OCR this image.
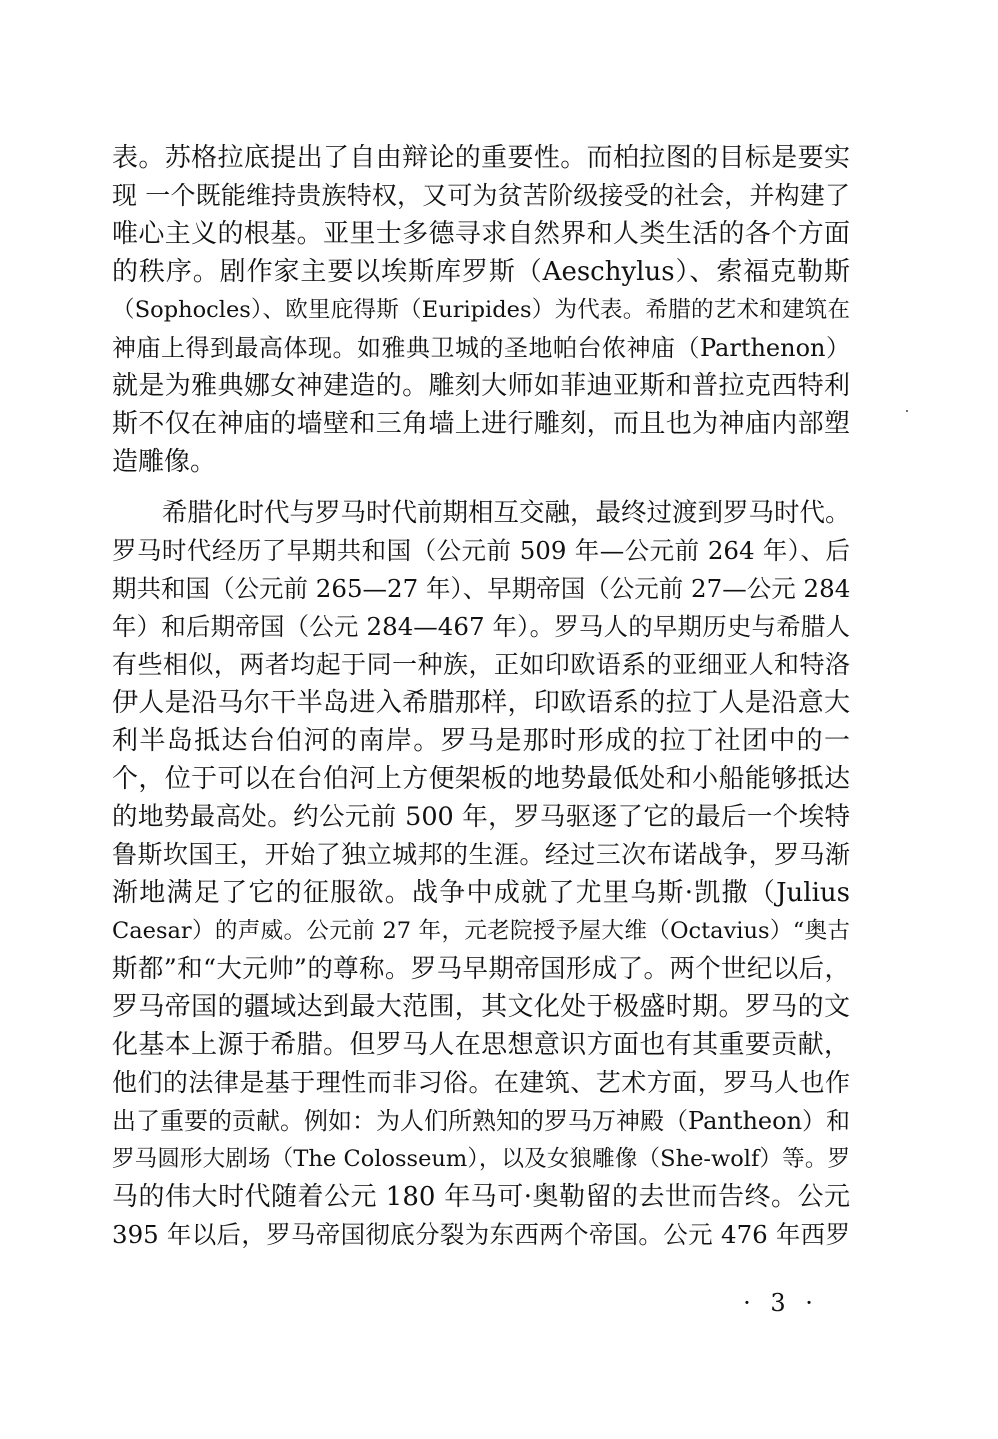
表。苏格拉底提出了自由辩论的重要性。而柏拉图的目标是要实
现 一个既能维持贵族特权，又可为贫苦阶级接受的社会，并构建了
唯心主义的根基。亚里士多德寻求自然界和人类生活的各个方面
的秩序。剧作家主要以埃斯库罗斯（Aeschylus）、索福克勒斯
（Sophocles）、欧里庇得斯（Euripides）为代表。希腊的艺术和建筑在
神庙上得到最高体现。如雅典卫城的圣地帕台侬神庙（Parthenon）
就是为雅典娜女神建造的。雕刻大师如菲迪亚斯和普拉克西特利
斯不仅在神庙的墙壁和三角墙上进行雕刻，而且也为神庙内部塑
造雕像。
希腊化时代与罗马时代前期相互交融，最终过渡到罗马时代。
罗马时代经历了早期共和国（公元前 509 年—公元前 264 年）、后
期共和国（公元前 265—27 年）、早期帝国（公元前 27—公元 284
年）和后期帝国（公元 284—467 年）。罗马人的早期历史与希腊人
有些相似，两者均起于同一种族，正如印欧语系的亚细亚人和特洛
伊人是沿马尔干半岛进入希腊那样，印欧语系的拉丁人是沿意大
利半岛抵达台伯河的南岸。罗马是那时形成的拉丁社团中的一
个，位于可以在台伯河上方便架板的地势最低处和小船能够抵达
的地势最高处。约公元前 500 年，罗马驱逐了它的最后一个埃特
鲁斯坎国王，开始了独立城邦的生涯。经过三次布诺战争，罗马渐
渐地满足了它的征服欲。战争中成就了尤里乌斯·凯撒（Julius
Caesar）的声威。公元前 27 年，元老院授予屋大维（Octavius）“奥古
斯都”和“大元帅”的尊称。罗马早期帝国形成了。两个世纪以后，
罗马帝国的疆域达到最大范围，其文化处于极盛时期。罗马的文
化基本上源于希腊。但罗马人在思想意识方面也有其重要贡献，
他们的法律是基于理性而非习俗。在建筑、艺术方面，罗马人也作
出了重要的贡献。例如：为人们所熟知的罗马万神殿（Pantheon）和
罗马圆形大剧场（The Colosseum），以及女狼雕像（She-wolf）等。罗
马的伟大时代随着公元 180 年马可·奥勒留的去世而告终。公元
395 年以后，罗马帝国彻底分裂为东西两个帝国。公元 476 年西罗
· 3 ·
